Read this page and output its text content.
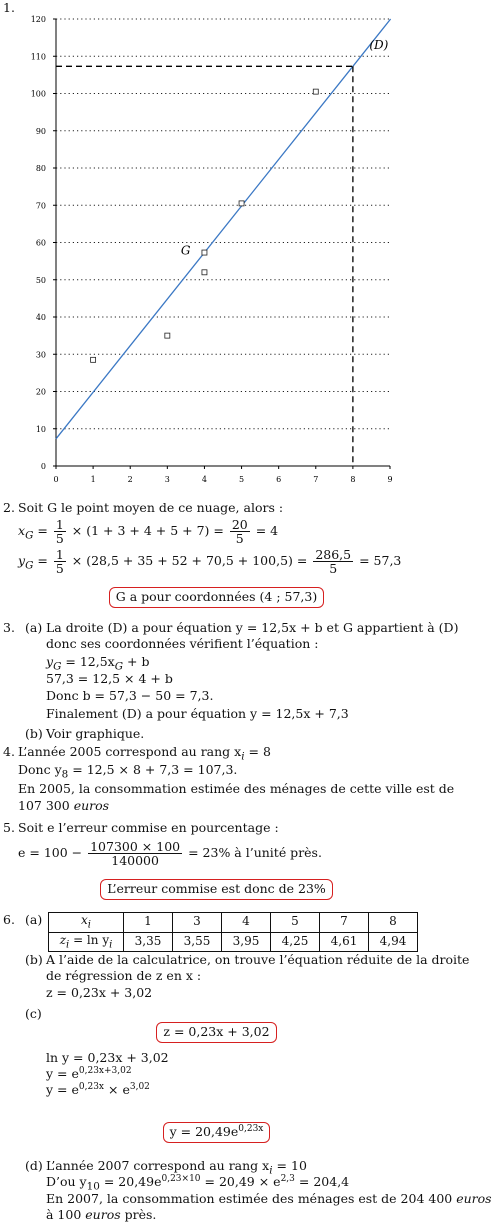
1.
0
10
20
30
40
50
60
70
80
90
100
110
120
0	1	2	3	4	5	6	7	8	9
(D)
G
2. Soit G le point moyen de ce nuage, alors :
$x_G = \frac{1}{5} \times (1 + 3 + 4 + 5 + 7) = \frac{20}{5} = 4$
$y_G = \frac{1}{5} \times (28,5 + 35 + 52 + 70,5 + 100,5) = \frac{286,5}{5} = 57,3$
G a pour coordonnées (4 ; 57,3)
3. (a) La droite (D) a pour équation y = 12,5x + b et G appartient à (D)
donc ses coordonnées vérifient l’équation :
$y_G = 12,5x_G + b$
57,3 = 12,5 × 4 + b
Donc b = 57,3 − 50 = 7,3.
Finalement (D) a pour équation y = 12,5x + 7,3
(b) Voir graphique.
4. L’année 2005 correspond au rang $x_i = 8$
Donc $y_8 = 12,5 \times 8 + 7,3 = 107,3$.
En 2005, la consommation estimée des ménages de cette ville est de
107 300 euros
5. Soit e l’erreur commise en pourcentage :
$e = 100 - \frac{107300 \times 100}{140000} = 23\%$ à l’unité près.
L’erreur commise est donc de 23%
6. (a)	$x_i$	1	3	4	5	7	8
$z_i = \ln y_i$	3,35	3,55	3,95	4,25	4,61	4,94
(b) A l’aide de la calculatrice, on trouve l’équation réduite de la droite
de régression de z en x :
z = 0,23x + 3,02
(c)
z = 0,23x + 3,02
ln y = 0,23x + 3,02
$y = e^{0,23x+3,02}$
$y = e^{0,23x} \times e^{3,02}$
$y = 20,49e^{0,23x}$
(d) L’année 2007 correspond au rang $x_i = 10$
D’ou $y_{10} = 20,49e^{0,23\times 10} = 20,49 \times e^{2,3} = 204,4$
En 2007, la consommation estimée des ménages est de 204 400 euros
à 100 euros près.
